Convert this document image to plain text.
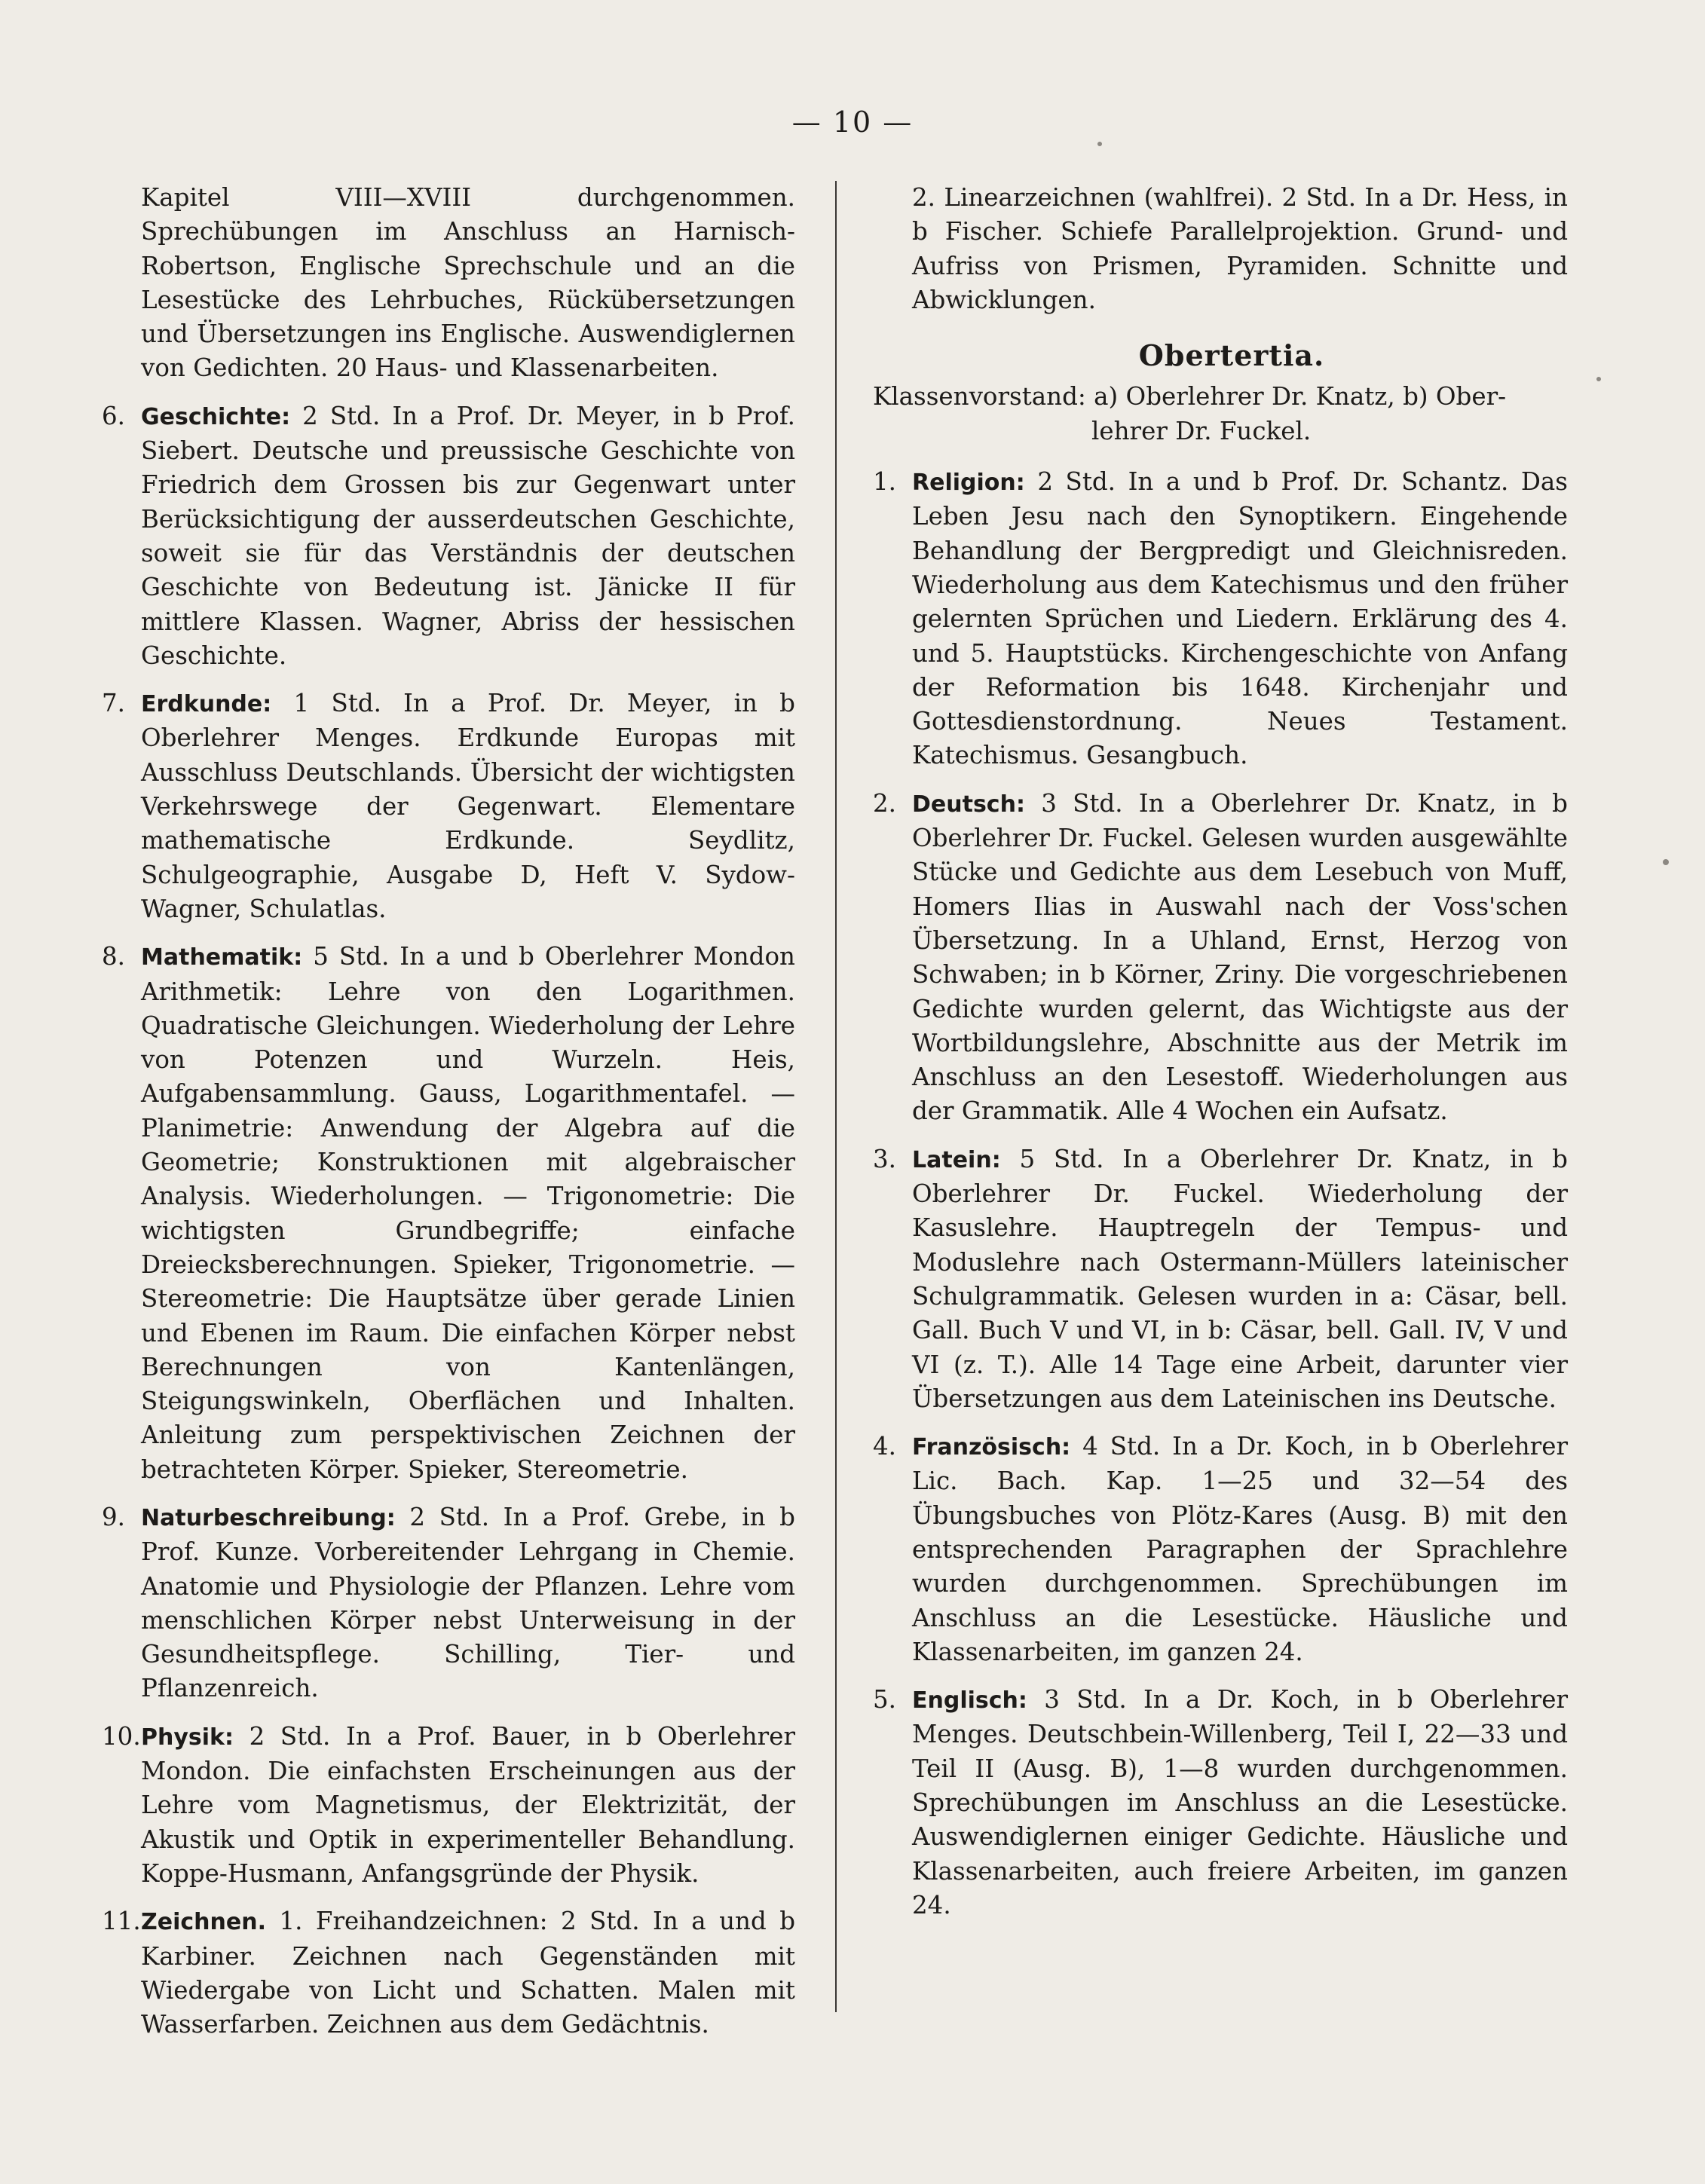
— 10 —

Kapitel VIII—XVIII durchgenommen. Sprechübungen im Anschluss an Harnisch-Robertson, Englische Sprechschule und an die Lesestücke des Lehrbuches, Rückübersetzungen und Übersetzungen ins Englische. Auswendiglernen von Gedichten. 20 Haus- und Klassenarbeiten.

6. Geschichte: 2 Std. In a Prof. Dr. Meyer, in b Prof. Siebert. Deutsche und preussische Geschichte von Friedrich dem Grossen bis zur Gegenwart unter Berücksichtigung der ausserdeutschen Geschichte, soweit sie für das Verständnis der deutschen Geschichte von Bedeutung ist. Jänicke II für mittlere Klassen. Wagner, Abriss der hessischen Geschichte.

7. Erdkunde: 1 Std. In a Prof. Dr. Meyer, in b Oberlehrer Menges. Erdkunde Europas mit Ausschluss Deutschlands. Übersicht der wichtigsten Verkehrswege der Gegenwart. Elementare mathematische Erdkunde. Seydlitz, Schulgeographie, Ausgabe D, Heft V. Sydow-Wagner, Schulatlas.

8. Mathematik: 5 Std. In a und b Oberlehrer Mondon Arithmetik: Lehre von den Logarithmen. Quadratische Gleichungen. Wiederholung der Lehre von Potenzen und Wurzeln. Heis, Aufgabensammlung. Gauss, Logarithmentafel. — Planimetrie: Anwendung der Algebra auf die Geometrie; Konstruktionen mit algebraischer Analysis. Wiederholungen. — Trigonometrie: Die wichtigsten Grundbegriffe; einfache Dreiecksberechnungen. Spieker, Trigonometrie. — Stereometrie: Die Hauptsätze über gerade Linien und Ebenen im Raum. Die einfachen Körper nebst Berechnungen von Kantenlängen, Steigungswinkeln, Oberflächen und Inhalten. Anleitung zum perspektivischen Zeichnen der betrachteten Körper. Spieker, Stereometrie.

9. Naturbeschreibung: 2 Std. In a Prof. Grebe, in b Prof. Kunze. Vorbereitender Lehrgang in Chemie. Anatomie und Physiologie der Pflanzen. Lehre vom menschlichen Körper nebst Unterweisung in der Gesundheitspflege. Schilling, Tier- und Pflanzenreich.

10.Physik: 2 Std. In a Prof. Bauer, in b Oberlehrer Mondon. Die einfachsten Erscheinungen aus der Lehre vom Magnetismus, der Elektrizität, der Akustik und Optik in experimenteller Behandlung. Koppe-Husmann, Anfangsgründe der Physik.

11.Zeichnen. 1. Freihandzeichnen: 2 Std. In a und b Karbiner. Zeichnen nach Gegenständen mit Wiedergabe von Licht und Schatten. Malen mit Wasserfarben. Zeichnen aus dem Gedächtnis.

2. Linearzeichnen (wahlfrei). 2 Std. In a Dr. Hess, in b Fischer. Schiefe Parallelprojektion. Grund- und Aufriss von Prismen, Pyramiden. Schnitte und Abwicklungen.

Obertertia.

Klassenvorstand: a) Oberlehrer Dr. Knatz, b) Ober-
lehrer Dr. Fuckel.

1. Religion: 2 Std. In a und b Prof. Dr. Schantz. Das Leben Jesu nach den Synoptikern. Eingehende Behandlung der Bergpredigt und Gleichnisreden. Wiederholung aus dem Katechismus und den früher gelernten Sprüchen und Liedern. Erklärung des 4. und 5. Hauptstücks. Kirchengeschichte von Anfang der Reformation bis 1648. Kirchenjahr und Gottesdienstordnung. Neues Testament. Katechismus. Gesangbuch.

2. Deutsch: 3 Std. In a Oberlehrer Dr. Knatz, in b Oberlehrer Dr. Fuckel. Gelesen wurden ausgewählte Stücke und Gedichte aus dem Lesebuch von Muff, Homers Ilias in Auswahl nach der Voss'schen Übersetzung. In a Uhland, Ernst, Herzog von Schwaben; in b Körner, Zriny. Die vorgeschriebenen Gedichte wurden gelernt, das Wichtigste aus der Wortbildungslehre, Abschnitte aus der Metrik im Anschluss an den Lesestoff. Wiederholungen aus der Grammatik. Alle 4 Wochen ein Aufsatz.

3. Latein: 5 Std. In a Oberlehrer Dr. Knatz, in b Oberlehrer Dr. Fuckel. Wiederholung der Kasuslehre. Hauptregeln der Tempus- und Moduslehre nach Ostermann-Müllers lateinischer Schulgrammatik. Gelesen wurden in a: Cäsar, bell. Gall. Buch V und VI, in b: Cäsar, bell. Gall. IV, V und VI (z. T.). Alle 14 Tage eine Arbeit, darunter vier Übersetzungen aus dem Lateinischen ins Deutsche.

4. Französisch: 4 Std. In a Dr. Koch, in b Oberlehrer Lic. Bach. Kap. 1—25 und 32—54 des Übungsbuches von Plötz-Kares (Ausg. B) mit den entsprechenden Paragraphen der Sprachlehre wurden durchgenommen. Sprechübungen im Anschluss an die Lesestücke. Häusliche und Klassenarbeiten, im ganzen 24.

5. Englisch: 3 Std. In a Dr. Koch, in b Oberlehrer Menges. Deutschbein-Willenberg, Teil I, 22—33 und Teil II (Ausg. B), 1—8 wurden durchgenommen. Sprechübungen im Anschluss an die Lesestücke. Auswendiglernen einiger Gedichte. Häusliche und Klassenarbeiten, auch freiere Arbeiten, im ganzen 24.
